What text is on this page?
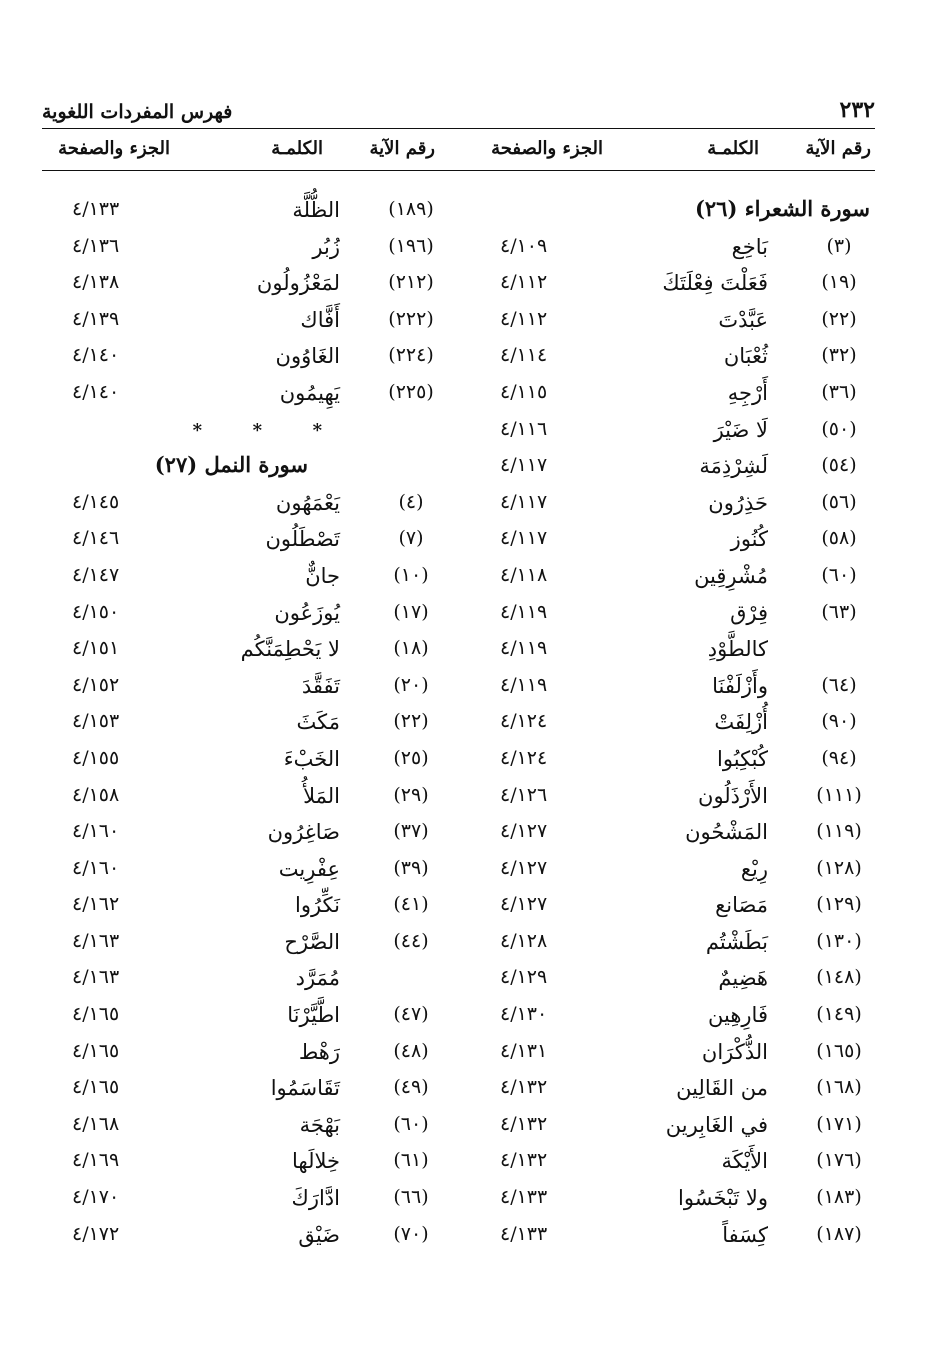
٢٣٢
فهرس المفردات اللغوية
رقم الآية
الكلمـة
الجزء والصفحة
رقم الآية
الكلمـة
الجزء والصفحة
سورة الشعراء (٢٦)
(٣)
بَاخِع
٤/١٠٩
(١٩)
فَعَلْتَ فِعْلَتَكَ
٤/١١٢
(٢٢)
عَبَّدْتَ
٤/١١٢
(٣٢)
ثُعْبَان
٤/١١٤
(٣٦)
أَرْجِهِ
٤/١١٥
(٥٠)
لَا ضَيْرَ
٤/١١٦
(٥٤)
لَشِرْذِمَة
٤/١١٧
(٥٦)
حَذِرُون
٤/١١٧
(٥٨)
كُنُوز
٤/١١٧
(٦٠)
مُشْرِقِين
٤/١١٨
(٦٣)
فِرْق
٤/١١٩
كالطَّوْدِ
٤/١١٩
(٦٤)
وأَزْلَفْنَا
٤/١١٩
(٩٠)
أُزْلِفَتْ
٤/١٢٤
(٩٤)
كُبْكِبُوا
٤/١٢٤
(١١١)
الأَرْذَلُون
٤/١٢٦
(١١٩)
المَشْحُون
٤/١٢٧
(١٢٨)
رِيْع
٤/١٢٧
(١٢٩)
مَصَانع
٤/١٢٧
(١٣٠)
بَطَشْتُم
٤/١٢٨
(١٤٨)
هَضِيمٌ
٤/١٢٩
(١٤٩)
فَارِهِين
٤/١٣٠
(١٦٥)
الذُّكْرَان
٤/١٣١
(١٦٨)
من القَالِين
٤/١٣٢
(١٧١)
في الغَابِرين
٤/١٣٢
(١٧٦)
الأَيْكَة
٤/١٣٢
(١٨٣)
ولا تَبْخَسُوا
٤/١٣٣
(١٨٧)
كِسَفاً
٤/١٣٣
(١٨٩)
الظُّلَّة
٤/١٣٣
(١٩٦)
زُبُر
٤/١٣٦
(٢١٢)
لمَعْزُولُون
٤/١٣٨
(٢٢٢)
أَفَّاك
٤/١٣٩
(٢٢٤)
الغَاوُون
٤/١٤٠
(٢٢٥)
يَهِيمُون
٤/١٤٠
*
*
*
سورة النمل (٢٧)
(٤)
يَعْمَهُون
٤/١٤٥
(٧)
تَصْطَلُون
٤/١٤٦
(١٠)
جانٌّ
٤/١٤٧
(١٧)
يُوزَعُون
٤/١٥٠
(١٨)
لا يَحْطِمَنَّكُم
٤/١٥١
(٢٠)
تَفَقَّدَ
٤/١٥٢
(٢٢)
مَكَثَ
٤/١٥٣
(٢٥)
الخَبْءَ
٤/١٥٥
(٢٩)
المَلأُ
٤/١٥٨
(٣٧)
صَاغِرُون
٤/١٦٠
(٣٩)
عِفْرِيت
٤/١٦٠
(٤١)
نَكِّرُوا
٤/١٦٢
(٤٤)
الصَّرْح
٤/١٦٣
مُمَرَّد
٤/١٦٣
(٤٧)
اطَّيَّرْنَا
٤/١٦٥
(٤٨)
رَهْط
٤/١٦٥
(٤٩)
تَقَاسَمُوا
٤/١٦٥
(٦٠)
بَهْجَة
٤/١٦٨
(٦١)
خِلالَها
٤/١٦٩
(٦٦)
ادَّارَكَ
٤/١٧٠
(٧٠)
ضَيْق
٤/١٧٢
